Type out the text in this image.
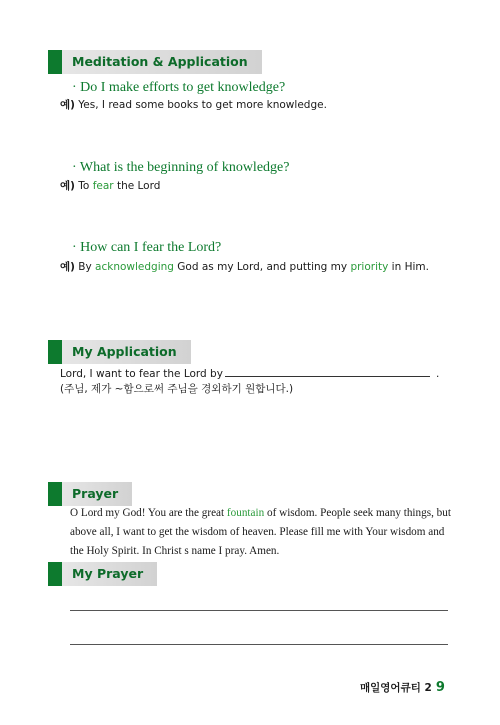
Meditation & Application
· Do I make efforts to get knowledge?
예) Yes, I read some books to get more knowledge.
· What is the beginning of knowledge?
예) To fear the Lord
· How can I fear the Lord?
예) By acknowledging God as my Lord, and putting my priority in Him.
My Application
Lord, I want to fear the Lord by	.
(주님, 제가 ~함으로써 주님을 경외하기 원합니다.)
Prayer
O Lord my God! You are the great fountain of wisdom. People seek many things, but above all, I want to get the wisdom of heaven. Please fill me with Your wisdom and the Holy Spirit. In Christ s name I pray. Amen.
My Prayer
매일영어큐티 2 9
